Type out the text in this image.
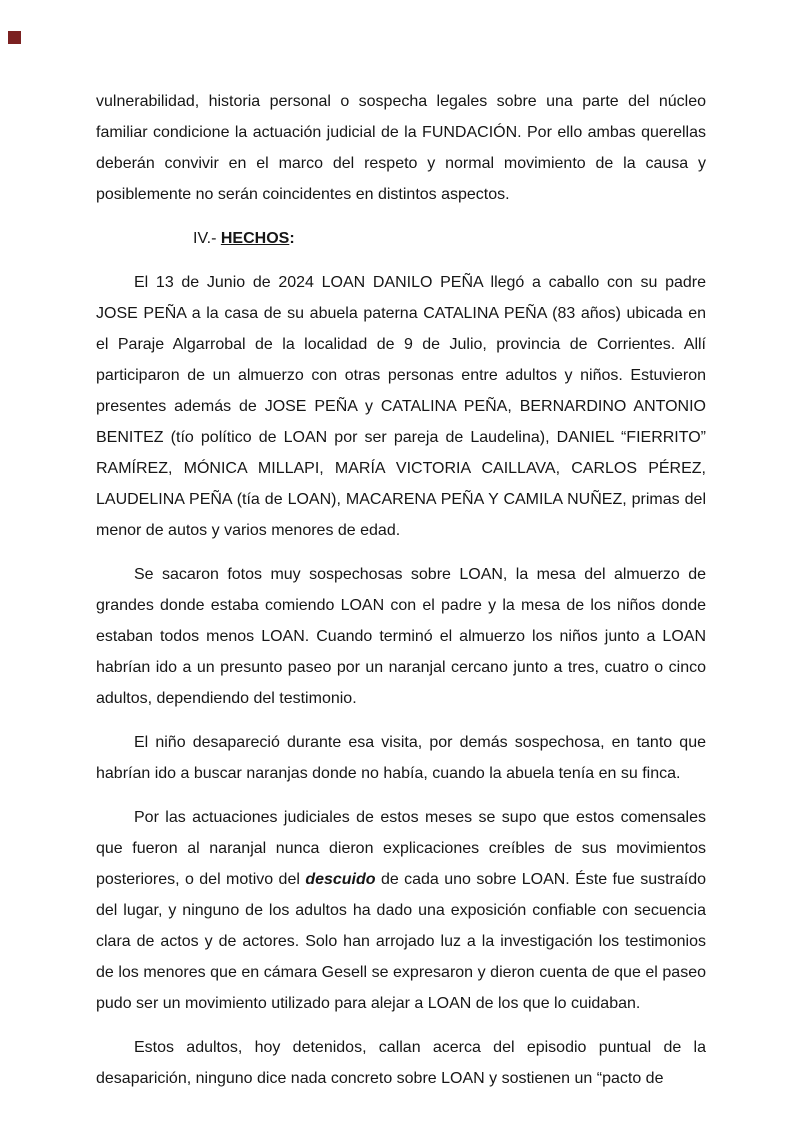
vulnerabilidad, historia personal o sospecha legales sobre una parte del núcleo familiar condicione la actuación judicial de la FUNDACIÓN. Por ello ambas querellas deberán convivir en el marco del respeto y normal movimiento de la causa y posiblemente no serán coincidentes en distintos aspectos.

IV.- HECHOS:

El 13 de Junio de 2024 LOAN DANILO PEÑA llegó a caballo con su padre JOSE PEÑA a la casa de su abuela paterna CATALINA PEÑA (83 años) ubicada en el Paraje Algarrobal de la localidad de 9 de Julio, provincia de Corrientes. Allí participaron de un almuerzo con otras personas entre adultos y niños. Estuvieron presentes además de JOSE PEÑA y CATALINA PEÑA, BERNARDINO ANTONIO BENITEZ (tío político de LOAN por ser pareja de Laudelina), DANIEL “FIERRITO” RAMÍREZ, MÓNICA MILLAPI, MARÍA VICTORIA CAILLAVA, CARLOS PÉREZ, LAUDELINA PEÑA (tía de LOAN), MACARENA PEÑA Y CAMILA NUÑEZ, primas del menor de autos y varios menores de edad.

Se sacaron fotos muy sospechosas sobre LOAN, la mesa del almuerzo de grandes donde estaba comiendo LOAN con el padre y la mesa de los niños donde estaban todos menos LOAN. Cuando terminó el almuerzo los niños junto a LOAN habrían ido a un presunto paseo por un naranjal cercano junto a tres, cuatro o cinco adultos, dependiendo del testimonio.

El niño desapareció durante esa visita, por demás sospechosa, en tanto que habrían ido a buscar naranjas donde no había, cuando la abuela tenía en su finca.

Por las actuaciones judiciales de estos meses se supo que estos comensales que fueron al naranjal nunca dieron explicaciones creíbles de sus movimientos posteriores, o del motivo del descuido de cada uno sobre LOAN. Éste fue sustraído del lugar, y ninguno de los adultos ha dado una exposición confiable con secuencia clara de actos y de actores. Solo han arrojado luz a la investigación los testimonios de los menores que en cámara Gesell se expresaron y dieron cuenta de que el paseo pudo ser un movimiento utilizado para alejar a LOAN de los que lo cuidaban.

Estos adultos, hoy detenidos, callan acerca del episodio puntual de la desaparición, ninguno dice nada concreto sobre LOAN y sostienen un “pacto de
